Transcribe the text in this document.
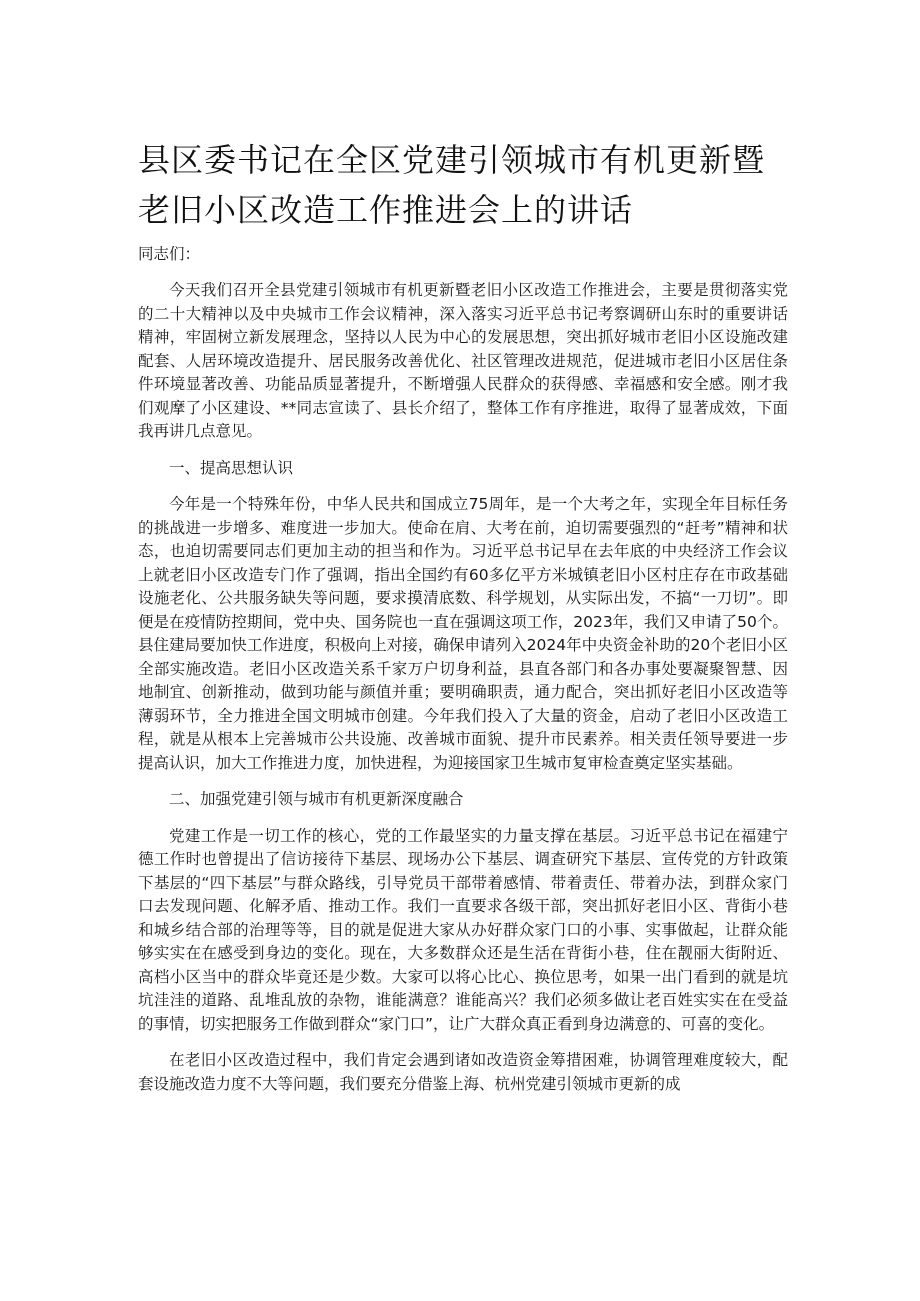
县区委书记在全区党建引领城市有机更新暨老旧小区改造工作推进会上的讲话

同志们：

今天我们召开全县党建引领城市有机更新暨老旧小区改造工作推进会，主要是贯彻落实党的二十大精神以及中央城市工作会议精神，深入落实习近平总书记考察调研山东时的重要讲话精神，牢固树立新发展理念，坚持以人民为中心的发展思想，突出抓好城市老旧小区设施改建配套、人居环境改造提升、居民服务改善优化、社区管理改进规范，促进城市老旧小区居住条件环境显著改善、功能品质显著提升，不断增强人民群众的获得感、幸福感和安全感。刚才我们观摩了小区建设、**同志宣读了、县长介绍了，整体工作有序推进，取得了显著成效，下面我再讲几点意见。

一、提高思想认识

今年是一个特殊年份，中华人民共和国成立75周年，是一个大考之年，实现全年目标任务的挑战进一步增多、难度进一步加大。使命在肩、大考在前，迫切需要强烈的“赶考”精神和状态，也迫切需要同志们更加主动的担当和作为。习近平总书记早在去年底的中央经济工作会议上就老旧小区改造专门作了强调，指出全国约有60多亿平方米城镇老旧小区村庄存在市政基础设施老化、公共服务缺失等问题，要求摸清底数、科学规划，从实际出发，不搞“一刀切”。即便是在疫情防控期间，党中央、国务院也一直在强调这项工作，2023年，我们又申请了50个。县住建局要加快工作进度，积极向上对接，确保申请列入2024年中央资金补助的20个老旧小区全部实施改造。老旧小区改造关系千家万户切身利益，县直各部门和各办事处要凝聚智慧、因地制宜、创新推动，做到功能与颜值并重；要明确职责，通力配合，突出抓好老旧小区改造等薄弱环节，全力推进全国文明城市创建。今年我们投入了大量的资金，启动了老旧小区改造工程，就是从根本上完善城市公共设施、改善城市面貌、提升市民素养。相关责任领导要进一步提高认识，加大工作推进力度，加快进程，为迎接国家卫生城市复审检查奠定坚实基础。

二、加强党建引领与城市有机更新深度融合

党建工作是一切工作的核心，党的工作最坚实的力量支撑在基层。习近平总书记在福建宁德工作时也曾提出了信访接待下基层、现场办公下基层、调查研究下基层、宣传党的方针政策下基层的“四下基层”与群众路线，引导党员干部带着感情、带着责任、带着办法，到群众家门口去发现问题、化解矛盾、推动工作。我们一直要求各级干部，突出抓好老旧小区、背街小巷和城乡结合部的治理等等，目的就是促进大家从办好群众家门口的小事、实事做起，让群众能够实实在在感受到身边的变化。现在，大多数群众还是生活在背街小巷，住在靓丽大街附近、高档小区当中的群众毕竟还是少数。大家可以将心比心、换位思考，如果一出门看到的就是坑坑洼洼的道路、乱堆乱放的杂物，谁能满意？谁能高兴？我们必须多做让老百姓实实在在受益的事情，切实把服务工作做到群众“家门口”，让广大群众真正看到身边满意的、可喜的变化。

在老旧小区改造过程中，我们肯定会遇到诸如改造资金筹措困难，协调管理难度较大，配套设施改造力度不大等问题，我们要充分借鉴上海、杭州党建引领城市更新的成
